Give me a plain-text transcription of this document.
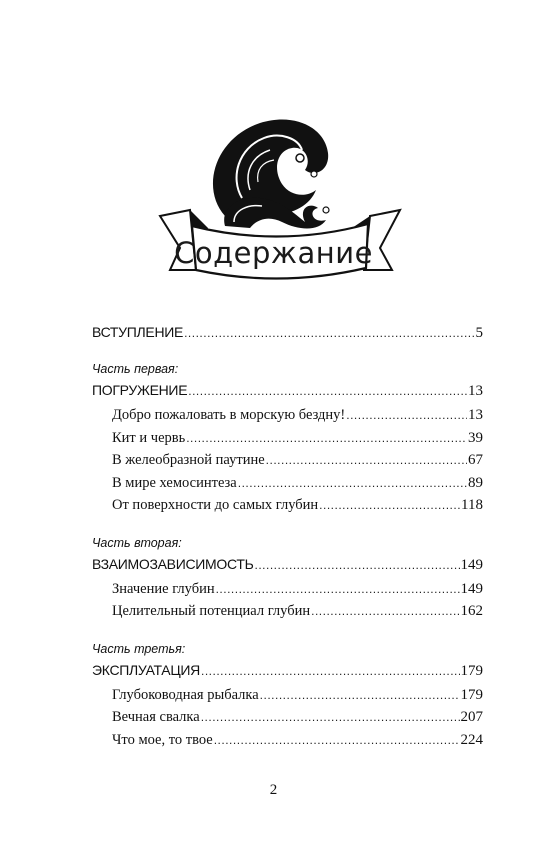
Содержание
ВСТУПЛЕНИЕ .....	5
Часть первая:
ПОГРУЖЕНИЕ .....	13
Добро пожаловать в морскую бездну! .....	13
Кит и червь .....	39
В желеобразной паутине .....	67
В мире хемосинтеза .....	89
От поверхности до самых глубин .....	118
Часть вторая:
ВЗАИМОЗАВИСИМОСТЬ .....	149
Значение глубин .....	149
Целительный потенциал глубин .....	162
Часть третья:
ЭКСПЛУАТАЦИЯ .....	179
Глубоководная рыбалка .....	179
Вечная свалка .....	207
Что мое, то твое .....	224
2
